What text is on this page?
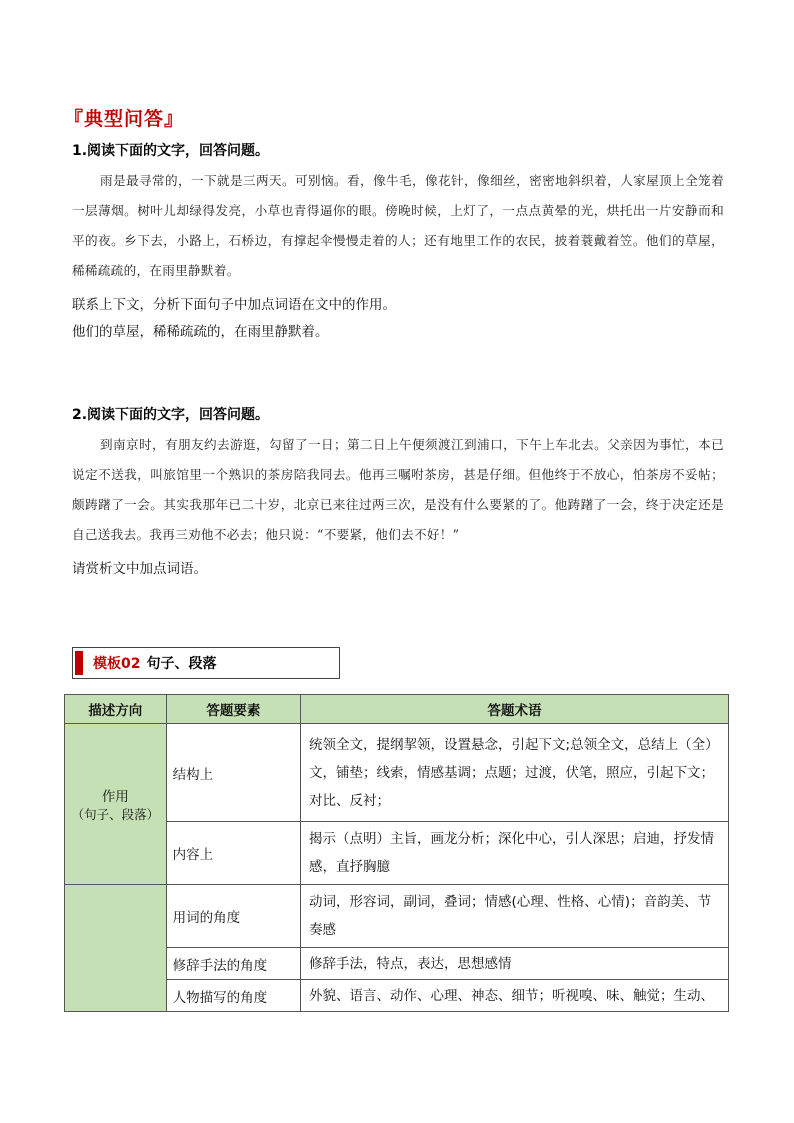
『典型问答』
1.阅读下面的文字，回答问题。
雨是最寻常的，一下就是三两天。可别恼。看，像牛毛，像花针，像细丝，密密地斜织着，人家屋顶上全笼着一层薄烟。树叶儿却绿得发亮，小草也青得逼你的眼。傍晚时候，上灯了，一点点黄晕的光，烘托出一片安静而和平的夜。乡下去，小路上，石桥边，有撑起伞慢慢走着的人；还有地里工作的农民，披着蓑戴着笠。他们的草屋，稀稀疏疏的，在雨里静默着。
联系上下文，分析下面句子中加点词语在文中的作用。
他们的草屋，稀稀疏疏的，在雨里静默着。
2.阅读下面的文字，回答问题。
到南京时，有朋友约去游逛，勾留了一日；第二日上午便须渡江到浦口，下午上车北去。父亲因为事忙，本已说定不送我，叫旅馆里一个熟识的茶房陪我同去。他再三嘱咐茶房，甚是仔细。但他终于不放心，怕茶房不妥帖；颇踌躇了一会。其实我那年已二十岁，北京已来往过两三次，是没有什么要紧的了。他踌躇了一会，终于决定还是自己送我去。我再三劝他不必去；他只说：“不要紧，他们去不好！”
请赏析文中加点词语。
模板02 句子、段落
描述方向	答题要素	答题术语
作用
（句子、段落）	结构上	统领全文，提纲挈领，设置悬念，引起下文;总领全文，总结上（全）文，铺垫；线索，情感基调；点题；过渡，伏笔，照应，引起下文；对比、反衬；
	内容上	揭示（点明）主旨，画龙分析；深化中心，引人深思；启迪，抒发情感，直抒胸臆
	用词的角度	动词，形容词，副词，叠词；情感(心理、性格、心情)；音韵美、节奏感
	修辞手法的角度	修辞手法，特点，表达，思想感情
	人物描写的角度	外貌、语言、动作、心理、神态、细节；听视嗅、味、触觉；生动、
